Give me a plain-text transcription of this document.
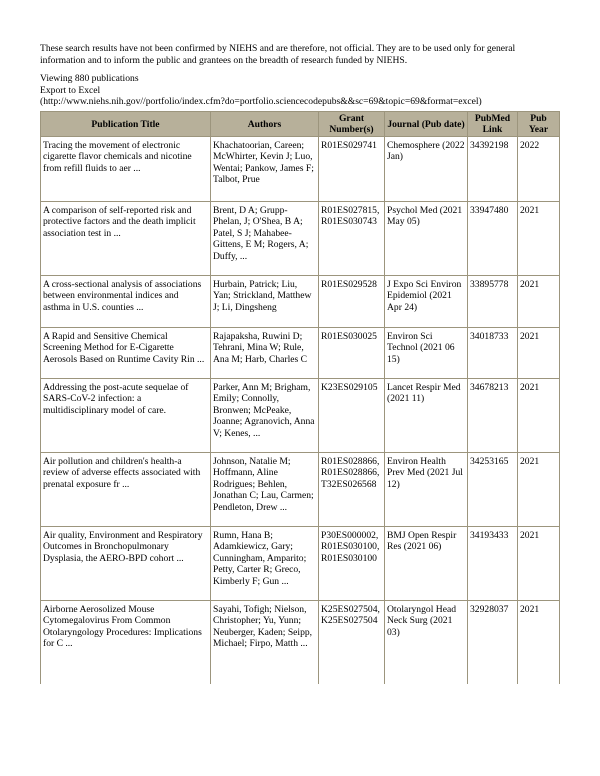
These search results have not been confirmed by NIEHS and are therefore, not official. They are to be used only for general information and to inform the public and grantees on the breadth of research funded by NIEHS.
Viewing 880 publications
Export to Excel
(http://www.niehs.nih.gov//portfolio/index.cfm?do=portfolio.sciencecodepubs&&sc=69&topic=69&format=excel)
Publication Title	Authors	Grant Number(s)	Journal (Pub date)	PubMed Link	Pub Year
Tracing the movement of electronic cigarette flavor chemicals and nicotine from refill fluids to aer ...	Khachatoorian, Careen; McWhirter, Kevin J; Luo, Wentai; Pankow, James F; Talbot, Prue	R01ES029741	Chemosphere (2022 Jan)	34392198	2022
A comparison of self-reported risk and protective factors and the death implicit association test in ...	Brent, D A; Grupp-Phelan, J; O'Shea, B A; Patel, S J; Mahabee-Gittens, E M; Rogers, A; Duffy, ...	R01ES027815, R01ES030743	Psychol Med (2021 May 05)	33947480	2021
A cross-sectional analysis of associations between environmental indices and asthma in U.S. counties ...	Hurbain, Patrick; Liu, Yan; Strickland, Matthew J; Li, Dingsheng	R01ES029528	J Expo Sci Environ Epidemiol (2021 Apr 24)	33895778	2021
A Rapid and Sensitive Chemical Screening Method for E-Cigarette Aerosols Based on Runtime Cavity Rin ...	Rajapaksha, Ruwini D; Tehrani, Mina W; Rule, Ana M; Harb, Charles C	R01ES030025	Environ Sci Technol (2021 06 15)	34018733	2021
Addressing the post-acute sequelae of SARS-CoV-2 infection: a multidisciplinary model of care.	Parker, Ann M; Brigham, Emily; Connolly, Bronwen; McPeake, Joanne; Agranovich, Anna V; Kenes, ...	K23ES029105	Lancet Respir Med (2021 11)	34678213	2021
Air pollution and children's health-a review of adverse effects associated with prenatal exposure fr ...	Johnson, Natalie M; Hoffmann, Aline Rodrigues; Behlen, Jonathan C; Lau, Carmen; Pendleton, Drew ...	R01ES028866, R01ES028866, T32ES026568	Environ Health Prev Med (2021 Jul 12)	34253165	2021
Air quality, Environment and Respiratory Outcomes in Bronchopulmonary Dysplasia, the AERO-BPD cohort ...	Rumn, Hana B; Adamkiewicz, Gary; Cunningham, Amparito; Petty, Carter R; Greco, Kimberly F; Gun ...	P30ES000002, R01ES030100, R01ES030100	BMJ Open Respir Res (2021 06)	34193433	2021
Airborne Aerosolized Mouse Cytomegalovirus From Common Otolaryngology Procedures: Implications for C ...	Sayahi, Tofigh; Nielson, Christopher; Yu, Yunn; Neuberger, Kaden; Seipp, Michael; Firpo, Matth ...	K25ES027504, K25ES027504	Otolaryngol Head Neck Surg (2021 03)	32928037	2021
